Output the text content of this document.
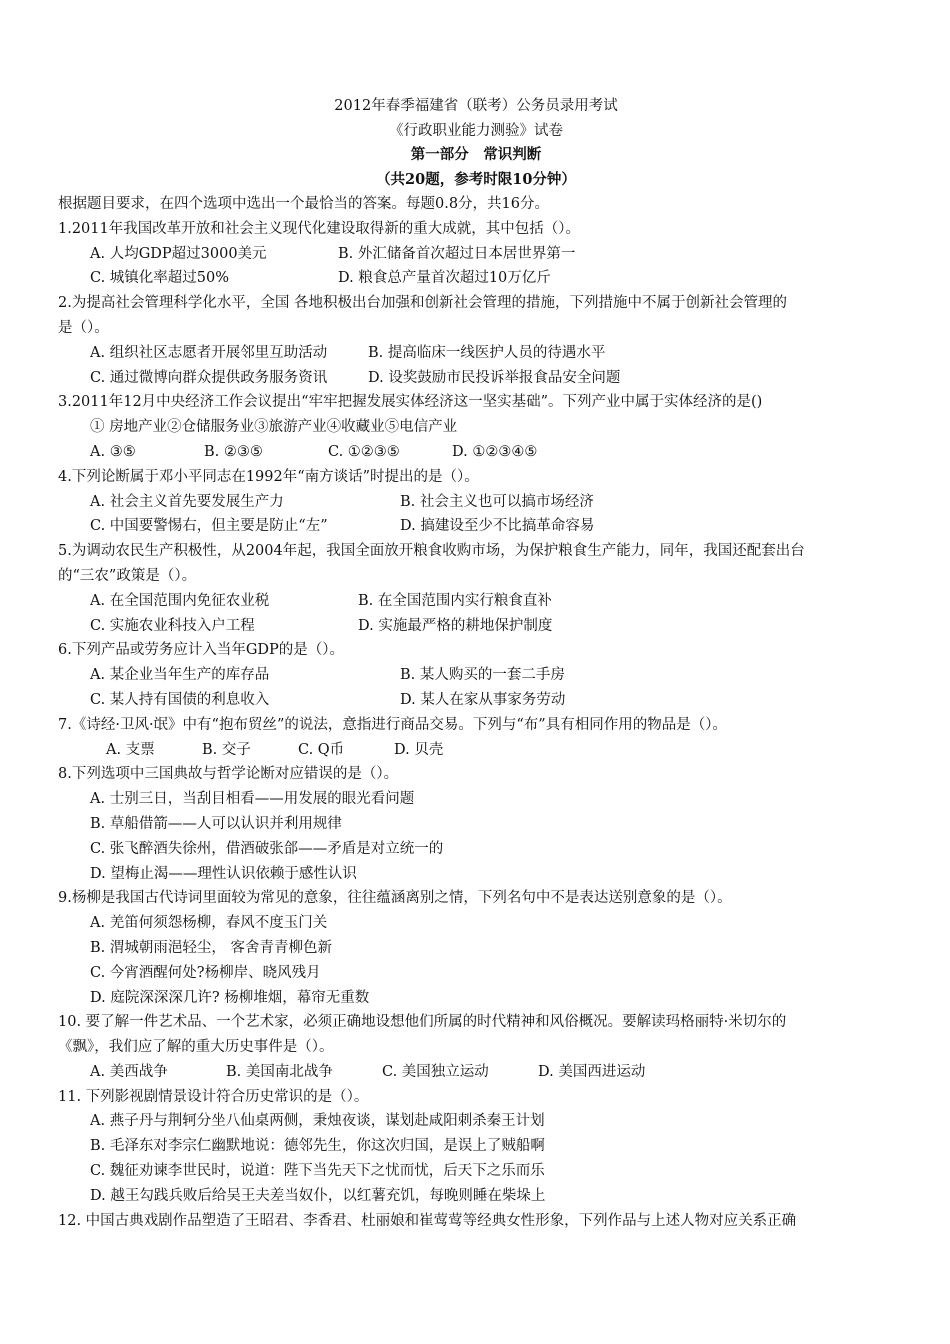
2012年春季福建省（联考）公务员录用考试
《行政职业能力测验》试卷
第一部分　常识判断
（共20题，参考时限10分钟）
根据题目要求，在四个选项中选出一个最恰当的答案。每题0.8分，共16分。
1.2011年我国改革开放和社会主义现代化建设取得新的重大成就，其中包括（）。
A. 人均GDP超过3000美元	B. 外汇储备首次超过日本居世界第一
C. 城镇化率超过50%	D. 粮食总产量首次超过10万亿斤
2.为提高社会管理科学化水平，全国 各地积极出台加强和创新社会管理的措施，下列措施中不属于创新社会管理的
是（）。
A. 组织社区志愿者开展邻里互助活动	B. 提高临床一线医护人员的待遇水平
C. 通过微博向群众提供政务服务资讯	D. 设奖鼓励市民投诉举报食品安全问题
3.2011年12月中央经济工作会议提出“牢牢把握发展实体经济这一坚实基础”。下列产业中属于实体经济的是()
① 房地产业②仓储服务业③旅游产业④收藏业⑤电信产业
A. ③⑤	B. ②③⑤	C. ①②③⑤	D. ①②③④⑤
4.下列论断属于邓小平同志在1992年“南方谈话”时提出的是（）。
A. 社会主义首先要发展生产力	B. 社会主义也可以搞市场经济
C. 中国要警惕右，但主要是防止“左”	D. 搞建设至少不比搞革命容易
5.为调动农民生产积极性，从2004年起，我国全面放开粮食收购市场，为保护粮食生产能力，同年，我国还配套出台
的“三农”政策是（）。
A. 在全国范围内免征农业税	B. 在全国范围内实行粮食直补
C. 实施农业科技入户工程	D. 实施最严格的耕地保护制度
6.下列产品或劳务应计入当年GDP的是（）。
A. 某企业当年生产的库存品	B. 某人购买的一套二手房
C. 某人持有国债的利息收入	D. 某人在家从事家务劳动
7.《诗经·卫风·氓》中有“抱布贸丝”的说法，意指进行商品交易。下列与“布”具有相同作用的物品是（）。
A. 支票	B. 交子	C. Q币	D. 贝壳
8.下列选项中三国典故与哲学论断对应错误的是（）。
A. 士别三日，当刮目相看——用发展的眼光看问题
B. 草船借箭——人可以认识并利用规律
C. 张飞醉酒失徐州，借酒破张郃——矛盾是对立统一的
D. 望梅止渴——理性认识依赖于感性认识
9.杨柳是我国古代诗词里面较为常见的意象，往往蕴涵离别之情，下列名句中不是表达送别意象的是（）。
A. 羌笛何须怨杨柳，春风不度玉门关
B. 渭城朝雨浥轻尘， 客舍青青柳色新
C. 今宵酒醒何处?杨柳岸、晓风残月
D. 庭院深深深几许? 杨柳堆烟，幕帘无重数
10. 要了解一件艺术品、一个艺术家，必须正确地设想他们所属的时代精神和风俗概况。要解读玛格丽特·米切尔的
《飘》，我们应了解的重大历史事件是（）。
A. 美西战争	B. 美国南北战争	C. 美国独立运动	D. 美国西进运动
11. 下列影视剧情景设计符合历史常识的是（）。
A. 燕子丹与荆轲分坐八仙桌两侧，秉烛夜谈，谋划赴咸阳刺杀秦王计划
B. 毛泽东对李宗仁幽默地说：德邻先生，你这次归国，是误上了贼船啊
C. 魏征劝谏李世民时，说道：陛下当先天下之忧而忧，后天下之乐而乐
D. 越王勾践兵败后给吴王夫差当奴仆，以红薯充饥，每晚则睡在柴垛上
12. 中国古典戏剧作品塑造了王昭君、李香君、杜丽娘和崔莺莺等经典女性形象，下列作品与上述人物对应关系正确
